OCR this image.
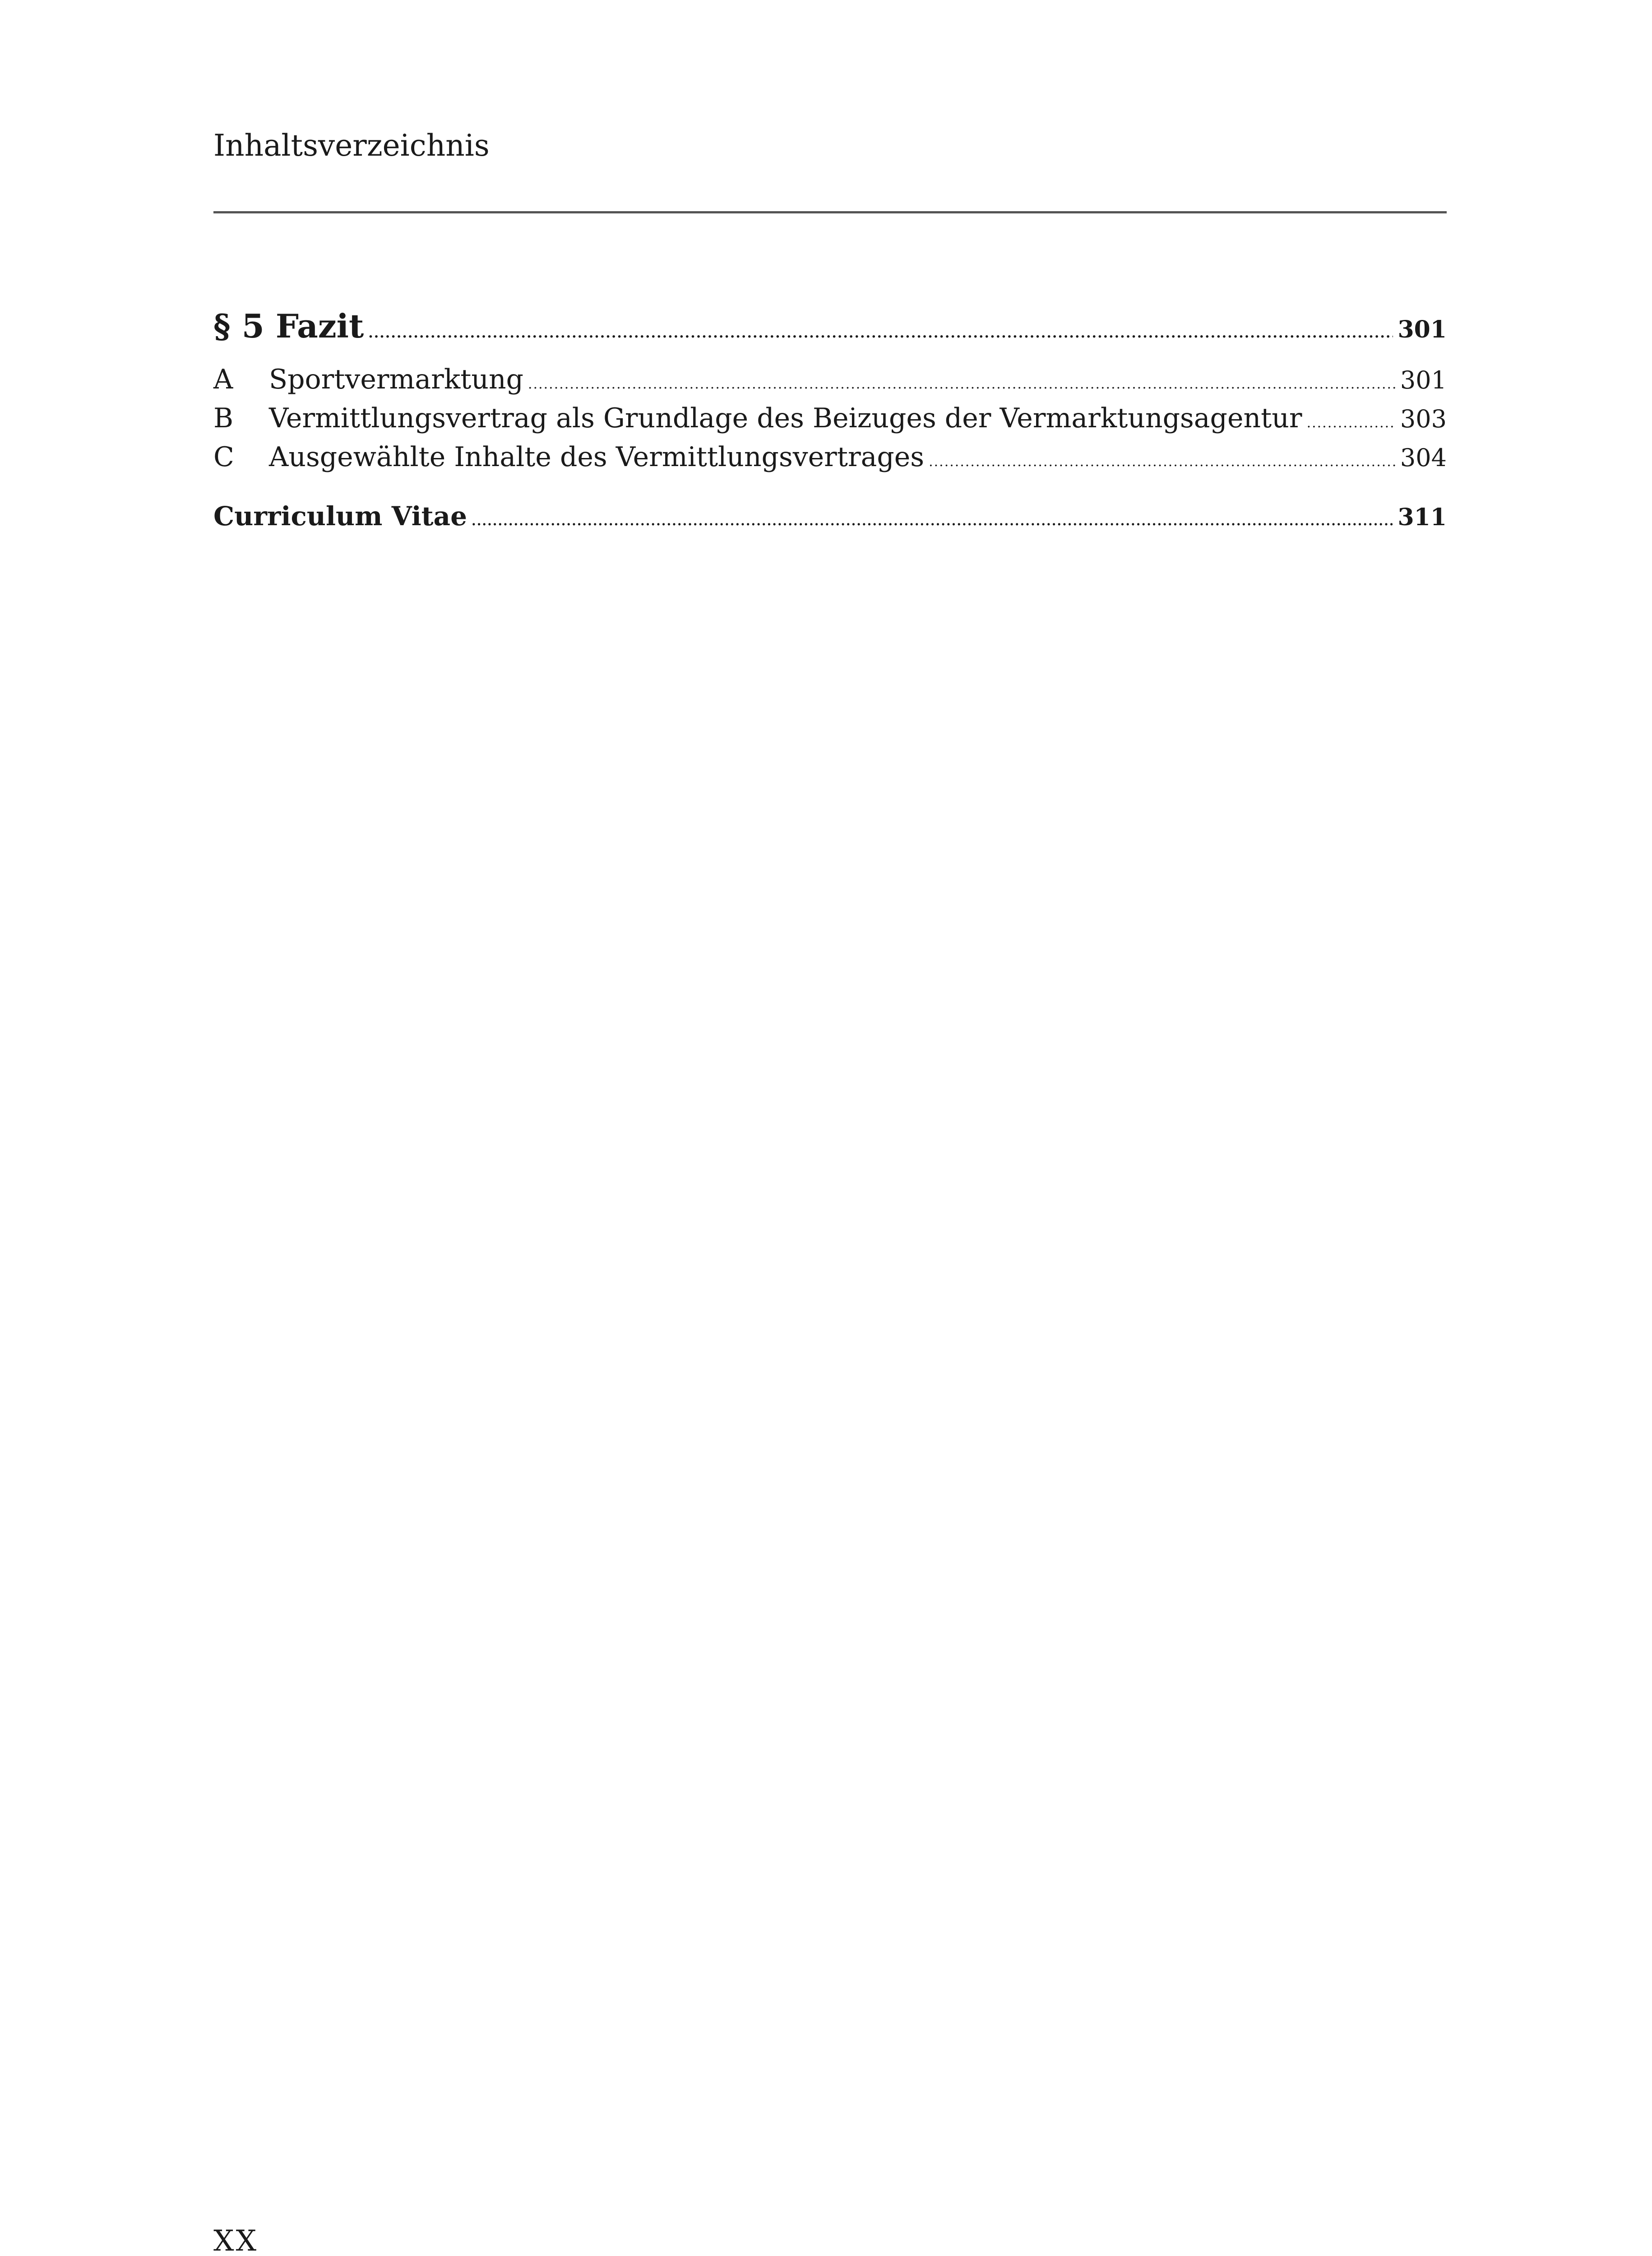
Inhaltsverzeichnis
§ 5 Fazit .....	301
A	Sportvermarktung .....	301
B	Vermittlungsvertrag als Grundlage des Beizuges der Vermarktungsagentur .....	303
C	Ausgewählte Inhalte des Vermittlungsvertrages .....	304
Curriculum Vitae .....	311
XX
